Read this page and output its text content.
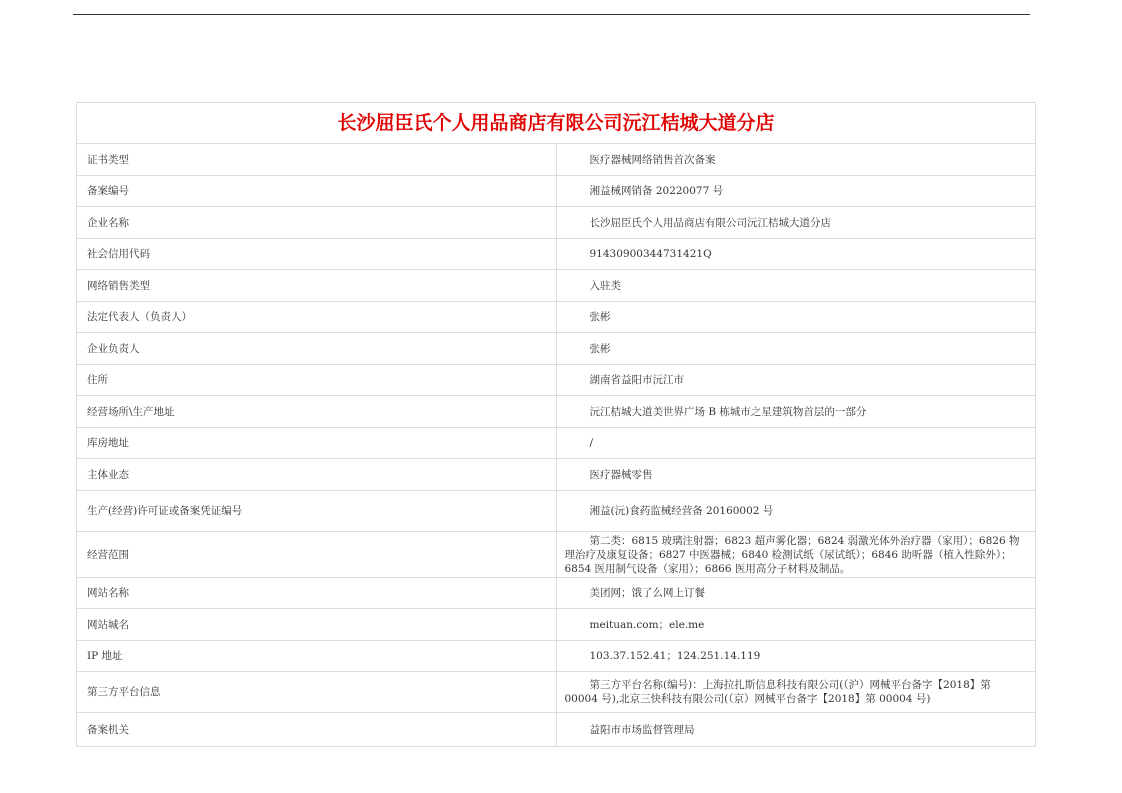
长沙屈臣氏个人用品商店有限公司沅江桔城大道分店	
证书类型	医疗器械网络销售首次备案
备案编号	湘益械网销备 20220077 号
企业名称	长沙屈臣氏个人用品商店有限公司沅江桔城大道分店
社会信用代码	91430900344731421Q
网络销售类型	入驻类
法定代表人（负责人）	张彬
企业负责人	张彬
住所	湖南省益阳市沅江市
经营场所\生产地址	沅江桔城大道美世界广场 B 栋城市之星建筑物首层的一部分
库房地址	/
主体业态	医疗器械零售
生产(经营)许可证或备案凭证编号	湘益(沅)食药监械经营备 20160002 号
经营范围	第二类：6815 玻璃注射器；6823 超声雾化器；6824 弱激光体外治疗器（家用）；6826 物理治疗及康复设备；6827 中医器械；6840 检测试纸（尿试纸）；6846 助听器（植入性除外）；6854 医用制气设备（家用）；6866 医用高分子材料及制品。
网站名称	美团网；饿了么网上订餐
网站城名	meituan.com；ele.me
IP 地址	103.37.152.41；124.251.14.119
第三方平台信息	第三方平台名称(编号)：上海拉扎斯信息科技有限公司(（沪）网械平台备字【2018】第 00004 号),北京三快科技有限公司(（京）网械平台备字【2018】第 00004 号)
备案机关	益阳市市场监督管理局
